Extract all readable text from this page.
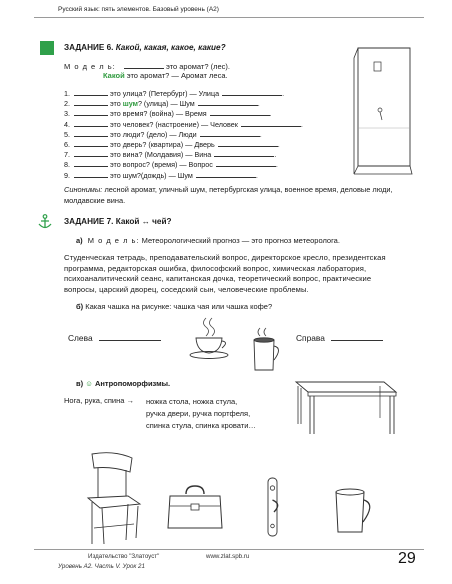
Русский язык: пять элементов. Базовый уровень (А2)
ЗАДАНИЕ 6. Какой, какая, какое, какие?
М о д е л ь:	это аромат? (лес).
Какой это аромат? — Аромат леса.
1.	это улица? (Петербург) — Улица	.
2.	это шум? (улица) — Шум	.
3.	это время? (война) — Время	.
4.	это человек? (настроение) — Человек	.
5.	это люди? (дело) — Люди	.
6.	это дверь? (квартира) — Дверь	.
7.	это вина? (Молдавия) — Вина	.
8.	это вопрос? (время) — Вопрос	.
9.	это шум?(дождь) — Шум	.
Синонимы: лесной аромат, уличный шум, петербургская улица, военное время, деловые люди, молдавские вина.
ЗАДАНИЕ 7. Какой ↔ чей?
а) М о д е л ь: Метеорологический прогноз — это прогноз метеоролога.
Студенческая тетрадь, преподавательский вопрос, директорское кресло, президентская программа, редакторская ошибка, философский вопрос, химическая лаборатория, психоаналитический сеанс, капитанская дочка, теоретический вопрос, практические вопросы, царский дворец, соседский сын, человеческие проблемы.
б) Какая чашка на рисунке: чашка чая или чашка кофе?
Слева	Справа
в) ☺ Антропоморфизмы.
Нога, рука, спина → ножка стола, ножка стула,
ручка двери, ручка портфеля,
спинка стула, спинка кровати…
Издательство "Златоуст"	www.zlat.spb.ru
Уровень А2. Часть V. Урок 21	29
